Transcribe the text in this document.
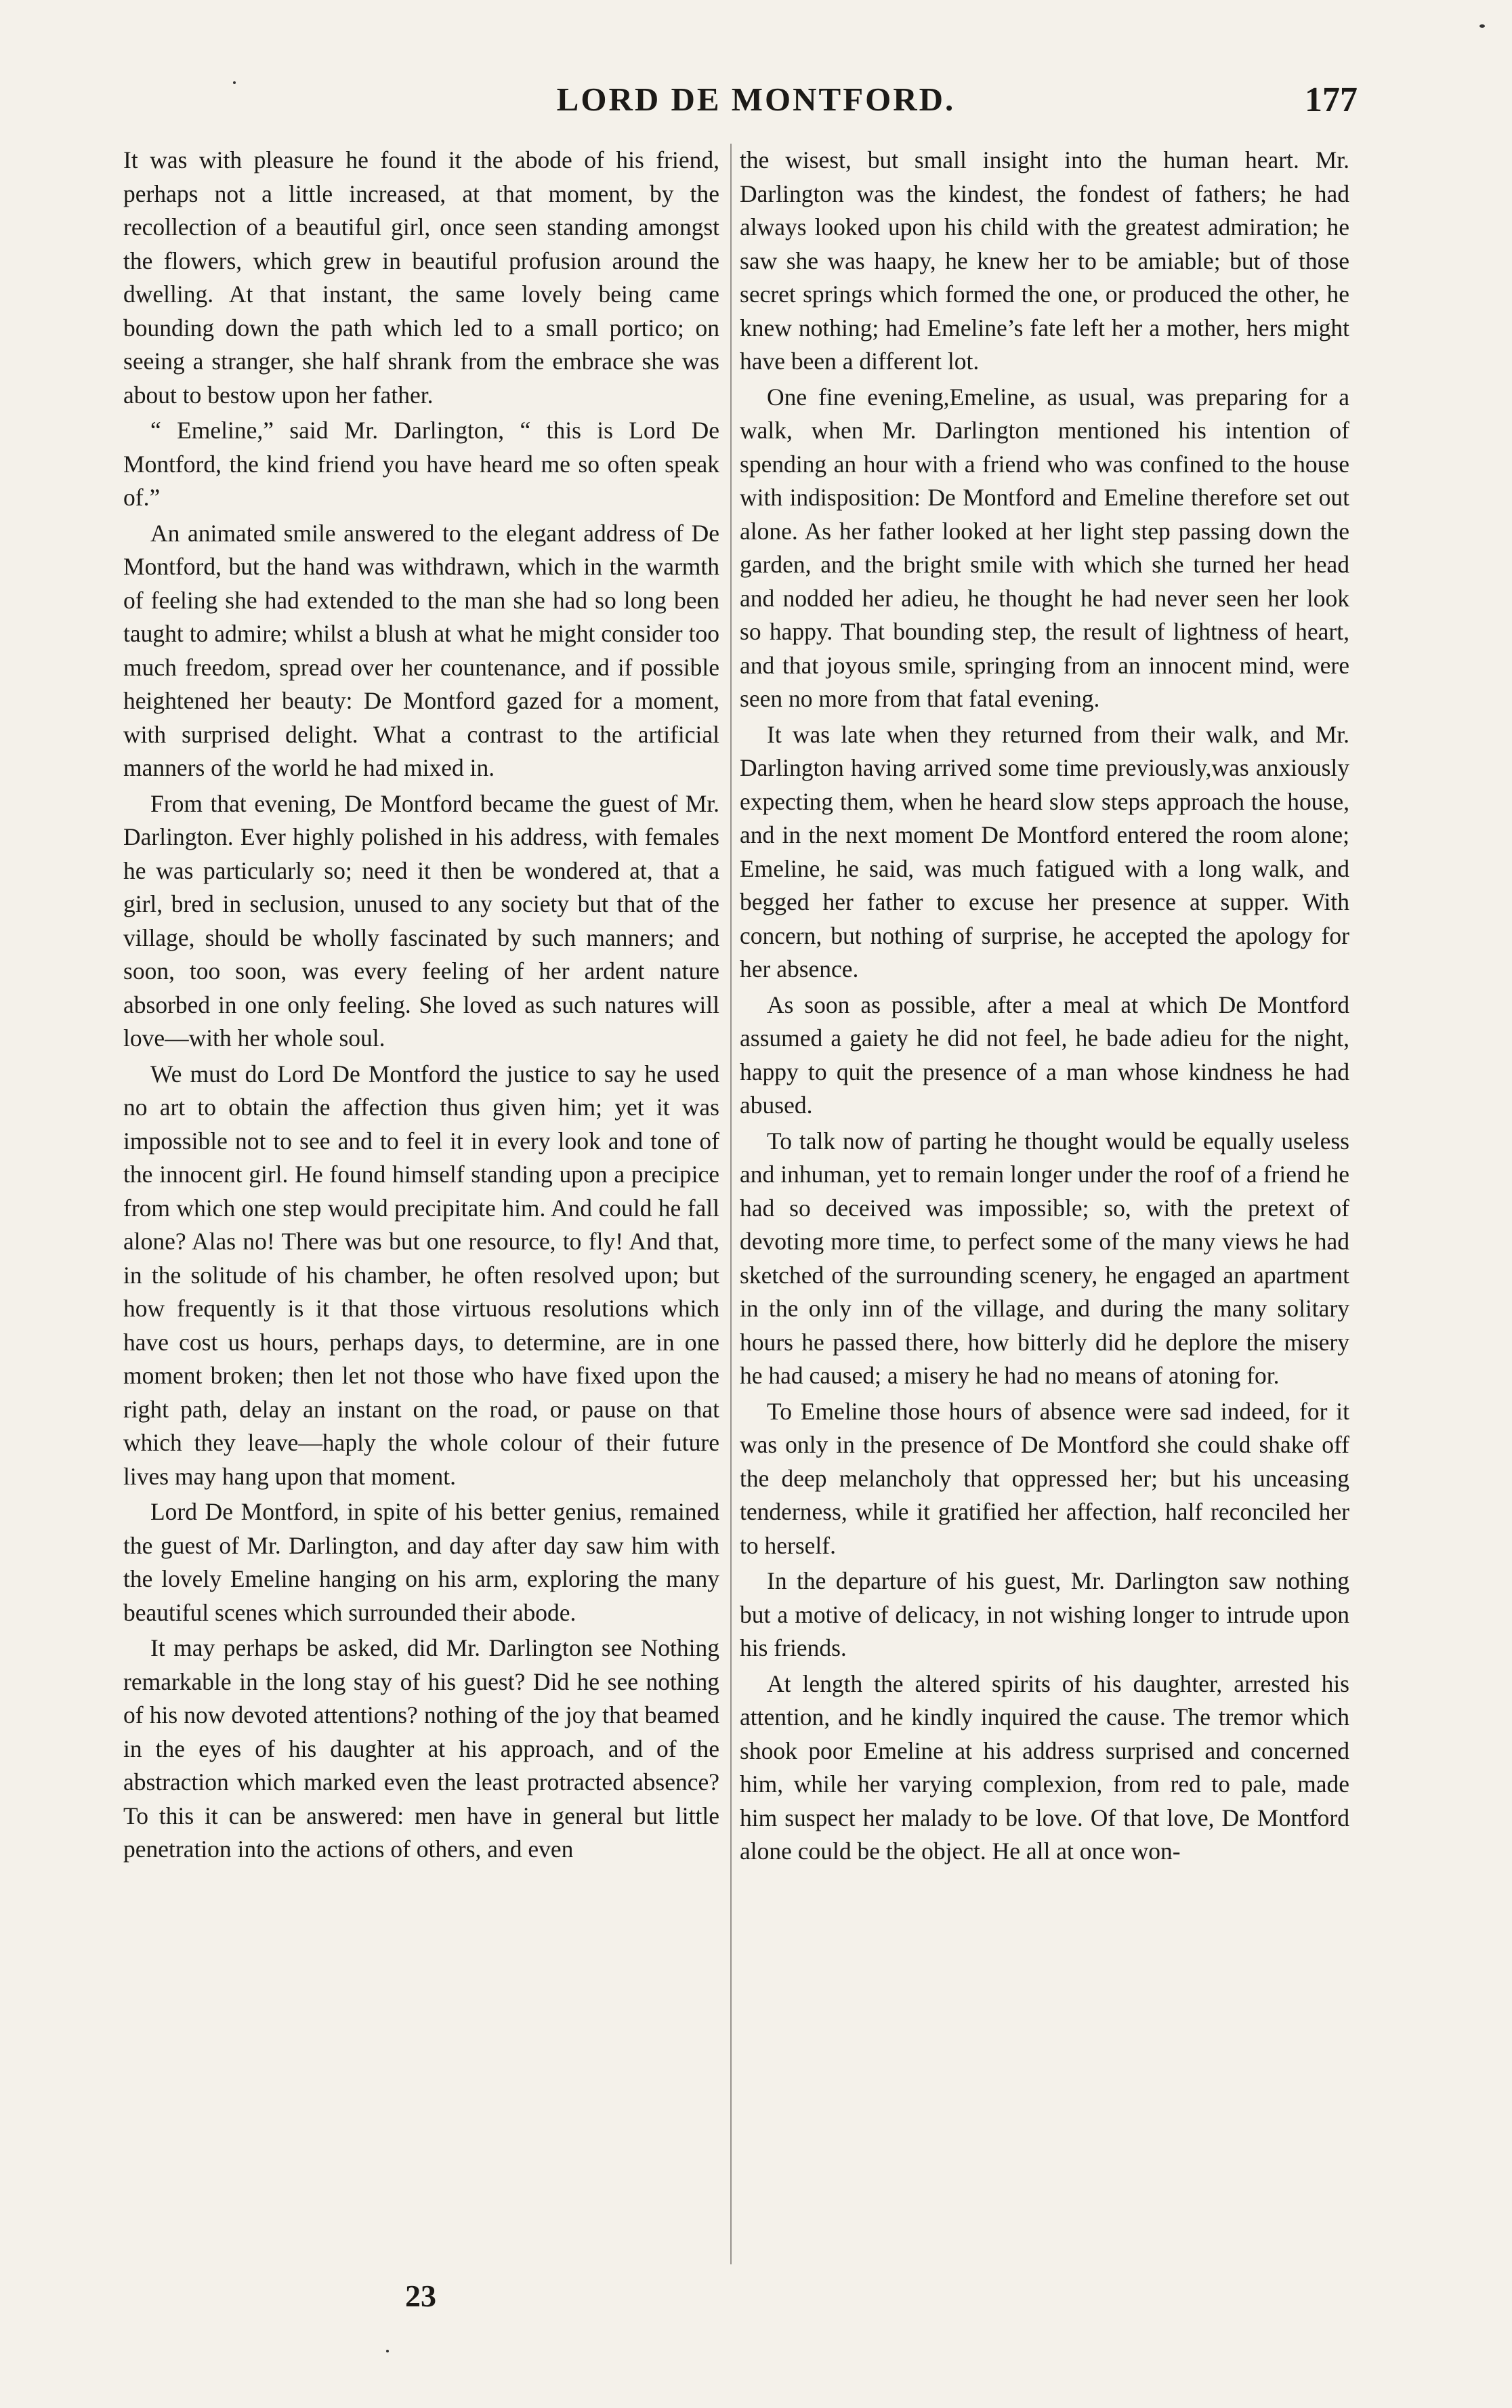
LORD DE MONTFORD.	177

It was with pleasure he found it the abode of his friend, perhaps not a little increased, at that moment, by the recollection of a beautiful girl, once seen standing amongst the flowers, which grew in beautiful profusion around the dwelling. At that instant, the same lovely being came bounding down the path which led to a small portico; on seeing a stranger, she half shrank from the embrace she was about to bestow upon her father.

“ Emeline,” said Mr. Darlington, “ this is Lord De Montford, the kind friend you have heard me so often speak of.”

An animated smile answered to the elegant address of De Montford, but the hand was withdrawn, which in the warmth of feeling she had extended to the man she had so long been taught to admire; whilst a blush at what he might consider too much freedom, spread over her countenance, and if possible heightened her beauty: De Montford gazed for a moment, with surprised delight. What a contrast to the artificial manners of the world he had mixed in.

From that evening, De Montford became the guest of Mr. Darlington. Ever highly polished in his address, with females he was particularly so; need it then be wondered at, that a girl, bred in seclusion, unused to any society but that of the village, should be wholly fascinated by such manners; and soon, too soon, was every feeling of her ardent nature absorbed in one only feeling. She loved as such natures will love—with her whole soul.

We must do Lord De Montford the justice to say he used no art to obtain the affection thus given him; yet it was impossible not to see and to feel it in every look and tone of the innocent girl. He found himself standing upon a precipice from which one step would precipitate him. And could he fall alone? Alas no! There was but one resource, to fly! And that, in the solitude of his chamber, he often resolved upon; but how frequently is it that those virtuous resolutions which have cost us hours, perhaps days, to determine, are in one moment broken; then let not those who have fixed upon the right path, delay an instant on the road, or pause on that which they leave—haply the whole colour of their future lives may hang upon that moment.

Lord De Montford, in spite of his better genius, remained the guest of Mr. Darlington, and day after day saw him with the lovely Emeline hanging on his arm, exploring the many beautiful scenes which surrounded their abode.

It may perhaps be asked, did Mr. Darlington see Nothing remarkable in the long stay of his guest? Did he see nothing of his now devoted attentions? nothing of the joy that beamed in the eyes of his daughter at his approach, and of the abstraction which marked even the least protracted absence? To this it can be answered: men have in general but little penetration into the actions of others, and even

the wisest, but small insight into the human heart. Mr. Darlington was the kindest, the fondest of fathers; he had always looked upon his child with the greatest admiration; he saw she was haapy, he knew her to be amiable; but of those secret springs which formed the one, or produced the other, he knew nothing; had Emeline’s fate left her a mother, hers might have been a different lot.

One fine evening,Emeline, as usual, was preparing for a walk, when Mr. Darlington mentioned his intention of spending an hour with a friend who was confined to the house with indisposition: De Montford and Emeline therefore set out alone. As her father looked at her light step passing down the garden, and the bright smile with which she turned her head and nodded her adieu, he thought he had never seen her look so happy. That bounding step, the result of lightness of heart, and that joyous smile, springing from an innocent mind, were seen no more from that fatal evening.

It was late when they returned from their walk, and Mr. Darlington having arrived some time previously,was anxiously expecting them, when he heard slow steps approach the house, and in the next moment De Montford entered the room alone; Emeline, he said, was much fatigued with a long walk, and begged her father to excuse her presence at supper. With concern, but nothing of surprise, he accepted the apology for her absence.

As soon as possible, after a meal at which De Montford assumed a gaiety he did not feel, he bade adieu for the night, happy to quit the presence of a man whose kindness he had abused.

To talk now of parting he thought would be equally useless and inhuman, yet to remain longer under the roof of a friend he had so deceived was impossible; so, with the pretext of devoting more time, to perfect some of the many views he had sketched of the surrounding scenery, he engaged an apartment in the only inn of the village, and during the many solitary hours he passed there, how bitterly did he deplore the misery he had caused; a misery he had no means of atoning for.

To Emeline those hours of absence were sad indeed, for it was only in the presence of De Montford she could shake off the deep melancholy that oppressed her; but his unceasing tenderness, while it gratified her affection, half reconciled her to herself.

In the departure of his guest, Mr. Darlington saw nothing but a motive of delicacy, in not wishing longer to intrude upon his friends.

At length the altered spirits of his daughter, arrested his attention, and he kindly inquired the cause. The tremor which shook poor Emeline at his address surprised and concerned him, while her varying complexion, from red to pale, made him suspect her malady to be love. Of that love, De Montford alone could be the object. He all at once won-

23
